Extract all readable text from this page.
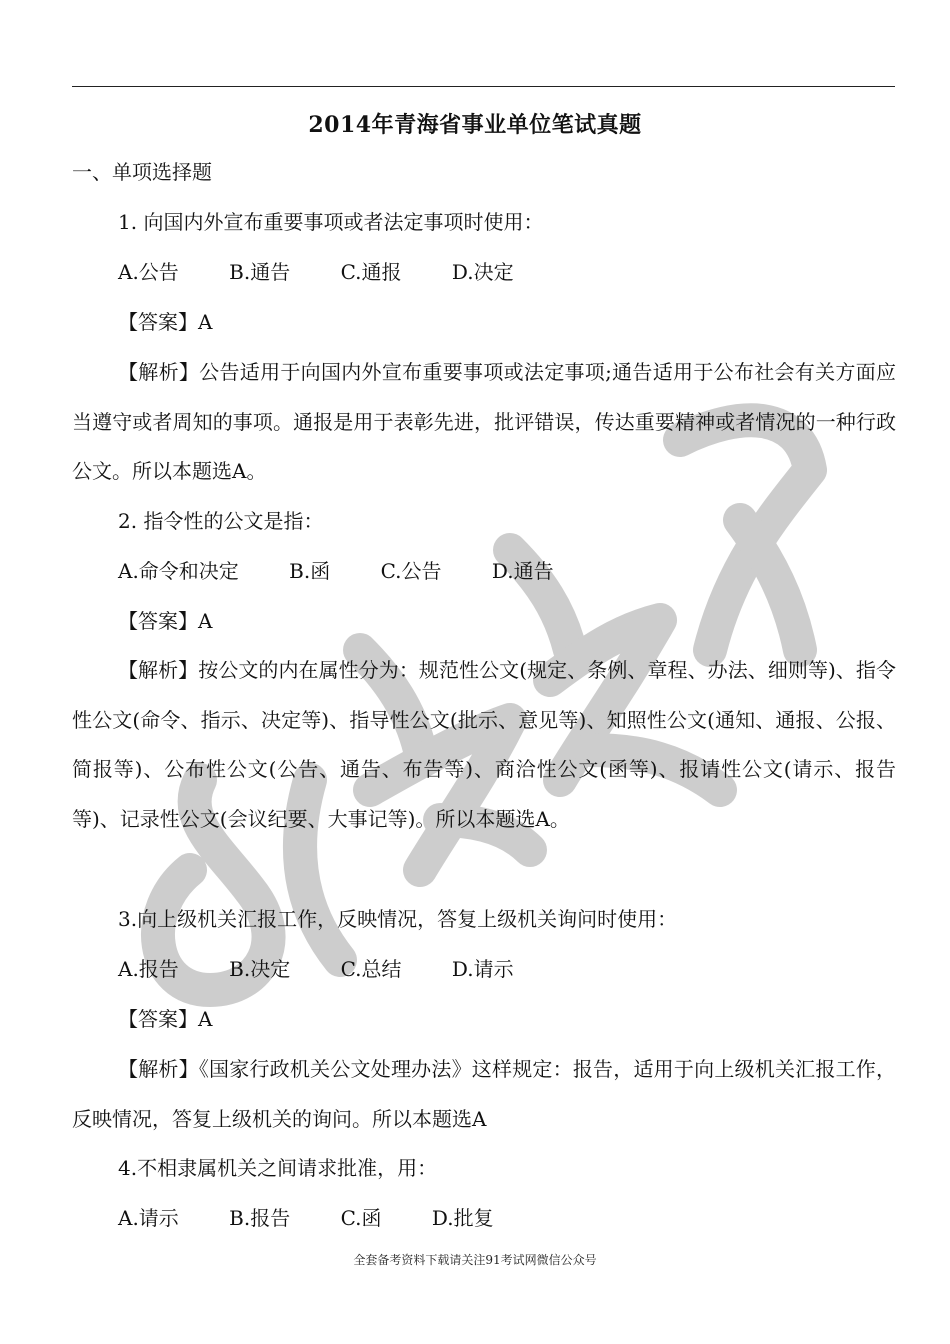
2014年青海省事业单位笔试真题
一、单项选择题
1. 向国内外宣布重要事项或者法定事项时使用：
A.公告	B.通告	C.通报	D.决定
【答案】A
【解析】公告适用于向国内外宣布重要事项或法定事项;通告适用于公布社会有关方面应当遵守或者周知的事项。通报是用于表彰先进，批评错误，传达重要精神或者情况的一种行政公文。所以本题选A。
2. 指令性的公文是指：
A.命令和决定	B.函	C.公告	D.通告
【答案】A
【解析】按公文的内在属性分为：规范性公文(规定、条例、章程、办法、细则等)、指令性公文(命令、指示、决定等)、指导性公文(批示、意见等)、知照性公文(通知、通报、公报、简报等)、公布性公文(公告、通告、布告等)、商洽性公文(函等)、报请性公文(请示、报告等)、记录性公文(会议纪要、大事记等)。所以本题选A。
3.向上级机关汇报工作，反映情况，答复上级机关询问时使用：
A.报告	B.决定	C.总结	D.请示
【答案】A
【解析】《国家行政机关公文处理办法》这样规定：报告，适用于向上级机关汇报工作，反映情况，答复上级机关的询问。所以本题选A
4.不相隶属机关之间请求批准，用：
A.请示	B.报告	C.函	D.批复
全套备考资料下载请关注91考试网微信公众号
